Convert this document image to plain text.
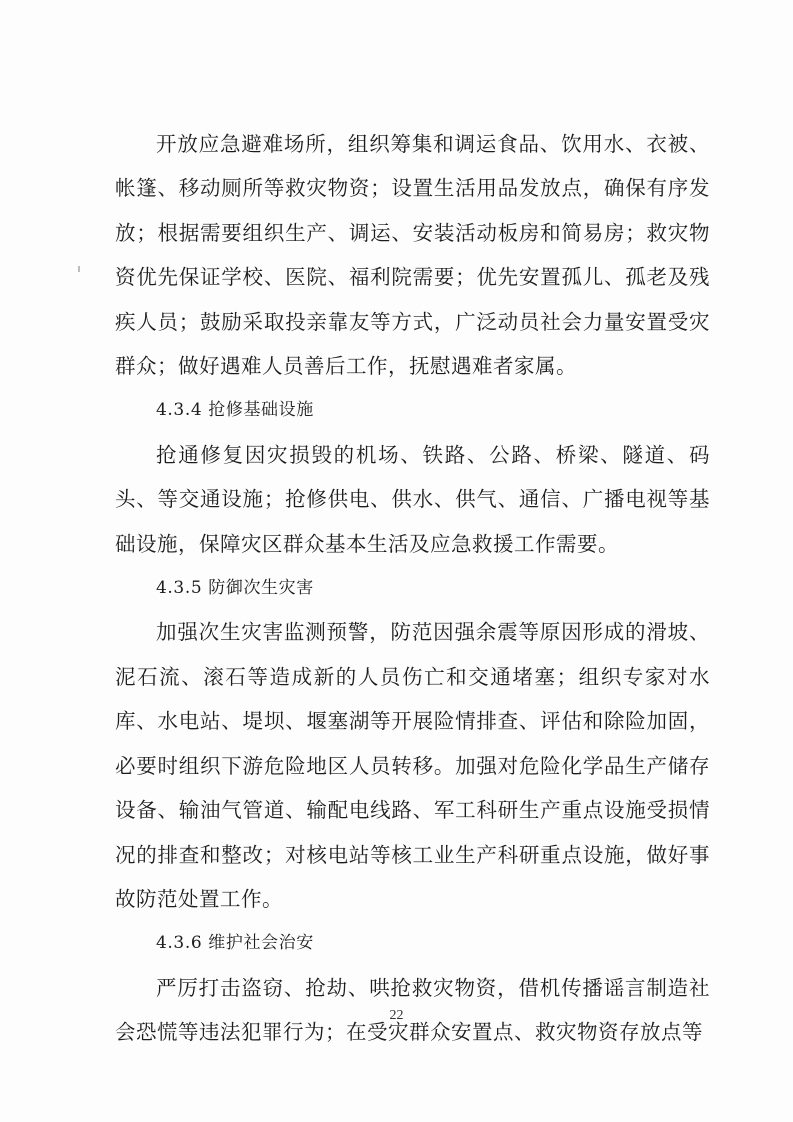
开放应急避难场所，组织筹集和调运食品、饮用水、衣被、帐篷、移动厕所等救灾物资；设置生活用品发放点，确保有序发放；根据需要组织生产、调运、安装活动板房和简易房；救灾物资优先保证学校、医院、福利院需要；优先安置孤儿、孤老及残疾人员；鼓励采取投亲靠友等方式，广泛动员社会力量安置受灾群众；做好遇难人员善后工作，抚慰遇难者家属。

4.3.4 抢修基础设施

抢通修复因灾损毁的机场、铁路、公路、桥梁、隧道、码头、等交通设施；抢修供电、供水、供气、通信、广播电视等基础设施，保障灾区群众基本生活及应急救援工作需要。

4.3.5 防御次生灾害

加强次生灾害监测预警，防范因强余震等原因形成的滑坡、泥石流、滚石等造成新的人员伤亡和交通堵塞；组织专家对水库、水电站、堤坝、堰塞湖等开展险情排查、评估和除险加固，必要时组织下游危险地区人员转移。加强对危险化学品生产储存设备、输油气管道、输配电线路、军工科研生产重点设施受损情况的排查和整改；对核电站等核工业生产科研重点设施，做好事故防范处置工作。

4.3.6 维护社会治安

严厉打击盗窃、抢劫、哄抢救灾物资，借机传播谣言制造社会恐慌等违法犯罪行为；在受灾群众安置点、救灾物资存放点等

22
